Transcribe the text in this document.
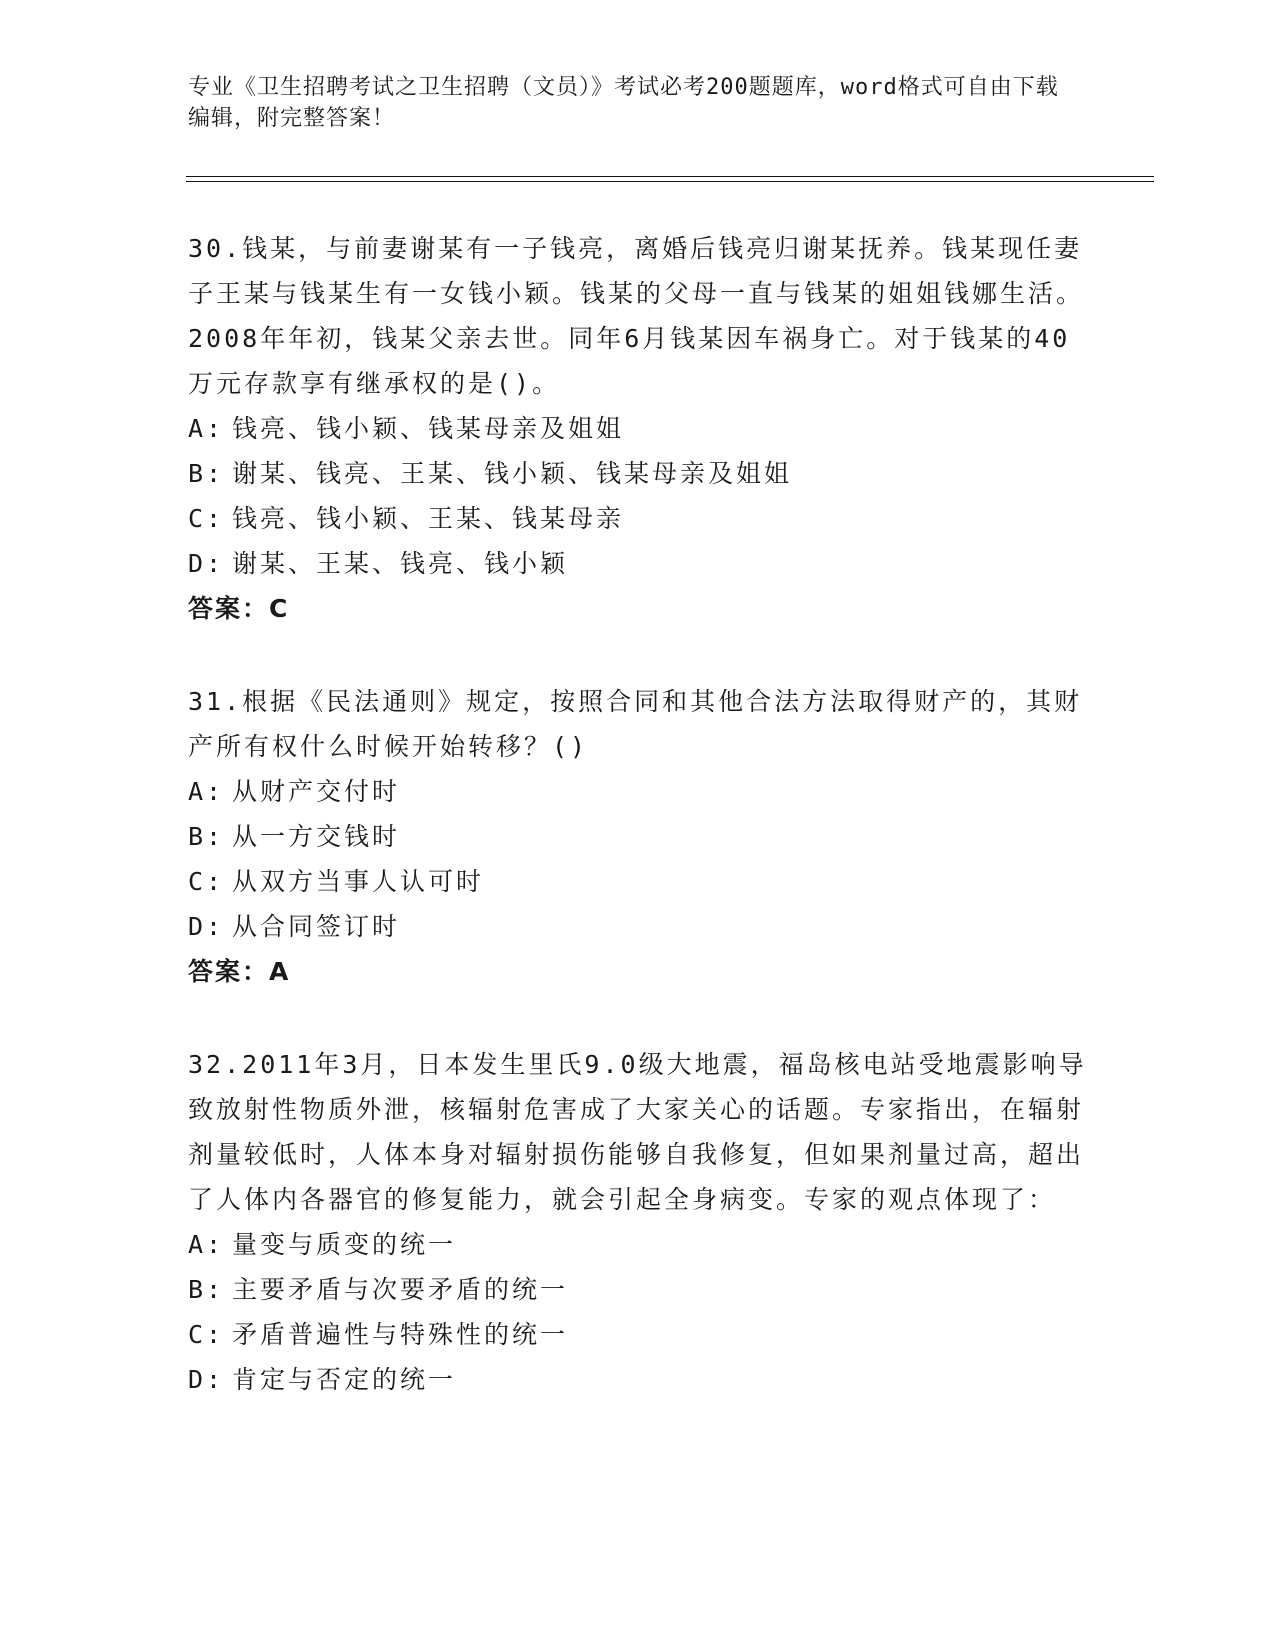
专业《卫生招聘考试之卫生招聘（文员）》考试必考200题题库，word格式可自由下载编辑，附完整答案！

30.钱某，与前妻谢某有一子钱亮，离婚后钱亮归谢某抚养。钱某现任妻子王某与钱某生有一女钱小颖。钱某的父母一直与钱某的姐姐钱娜生活。2008年年初，钱某父亲去世。同年6月钱某因车祸身亡。对于钱某的40万元存款享有继承权的是()。

A: 钱亮、钱小颖、钱某母亲及姐姐

B: 谢某、钱亮、王某、钱小颖、钱某母亲及姐姐

C: 钱亮、钱小颖、王某、钱某母亲

D: 谢某、王某、钱亮、钱小颖

答案：C

31.根据《民法通则》规定，按照合同和其他合法方法取得财产的，其财产所有权什么时候开始转移？()

A: 从财产交付时

B: 从一方交钱时

C: 从双方当事人认可时

D: 从合同签订时

答案：A

32.2011年3月，日本发生里氏9.0级大地震，福岛核电站受地震影响导致放射性物质外泄，核辐射危害成了大家关心的话题。专家指出，在辐射剂量较低时，人体本身对辐射损伤能够自我修复，但如果剂量过高，超出了人体内各器官的修复能力，就会引起全身病变。专家的观点体现了：

A: 量变与质变的统一

B: 主要矛盾与次要矛盾的统一

C: 矛盾普遍性与特殊性的统一

D: 肯定与否定的统一
